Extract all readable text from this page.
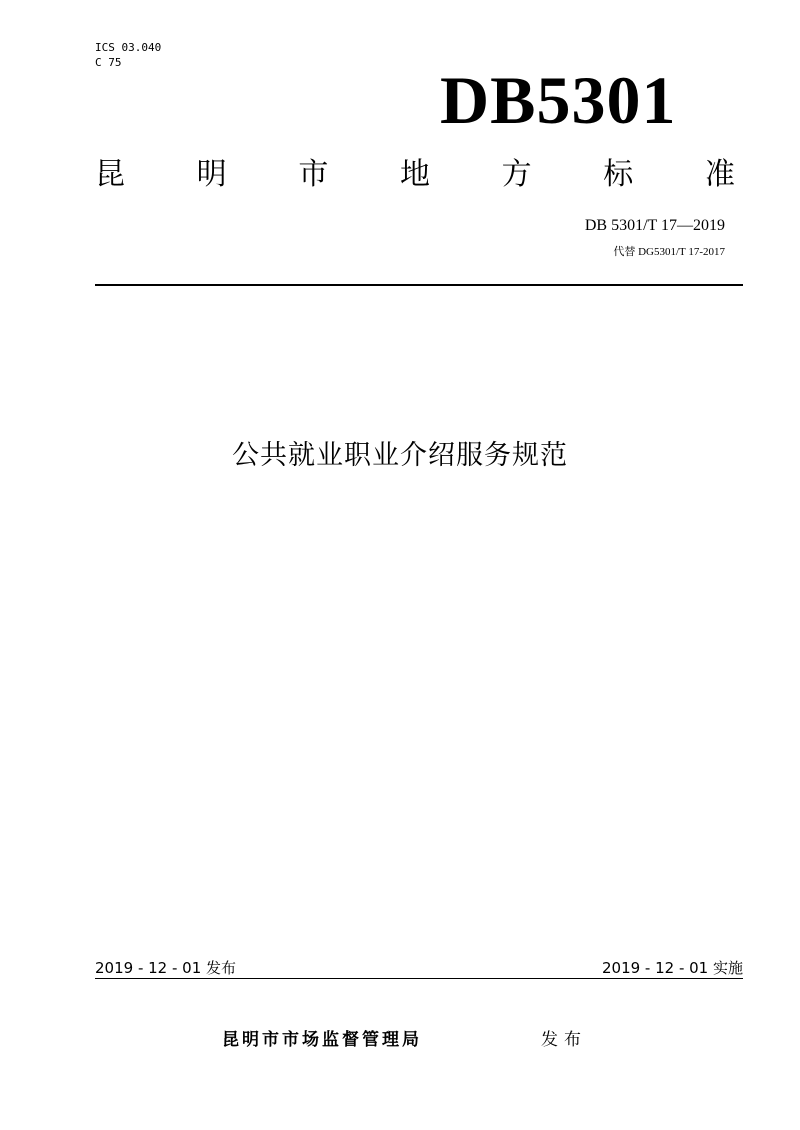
ICS 03.040
C 75	DB5301
昆 明 市 地 方 标 准
DB 5301/T 17—2019
代替 DG5301/T 17-2017
公共就业职业介绍服务规范
2019 - 12 - 01 发布	2019 - 12 - 01 实施
昆明市市场监督管理局	发布
